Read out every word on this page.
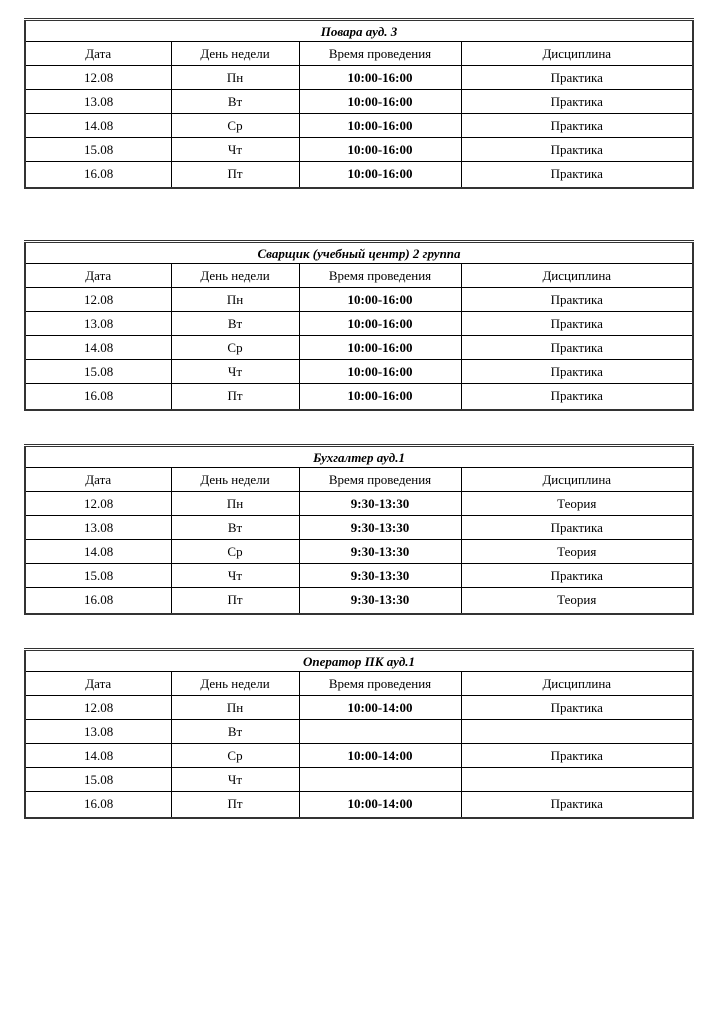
Повара ауд. 3			
Дата	День недели	Время проведения	Дисциплина
12.08	Пн	10:00-16:00	Практика
13.08	Вт	10:00-16:00	Практика
14.08	Ср	10:00-16:00	Практика
15.08	Чт	10:00-16:00	Практика
16.08	Пт	10:00-16:00	Практика
Сварщик (учебный центр) 2 группа			
Дата	День недели	Время проведения	Дисциплина
12.08	Пн	10:00-16:00	Практика
13.08	Вт	10:00-16:00	Практика
14.08	Ср	10:00-16:00	Практика
15.08	Чт	10:00-16:00	Практика
16.08	Пт	10:00-16:00	Практика
Бухгалтер ауд.1			
Дата	День недели	Время проведения	Дисциплина
12.08	Пн	9:30-13:30	Теория
13.08	Вт	9:30-13:30	Практика
14.08	Ср	9:30-13:30	Теория
15.08	Чт	9:30-13:30	Практика
16.08	Пт	9:30-13:30	Теория
Оператор ПК ауд.1			
Дата	День недели	Время проведения	Дисциплина
12.08	Пн	10:00-14:00	Практика
13.08	Вт		
14.08	Ср	10:00-14:00	Практика
15.08	Чт		
16.08	Пт	10:00-14:00	Практика
